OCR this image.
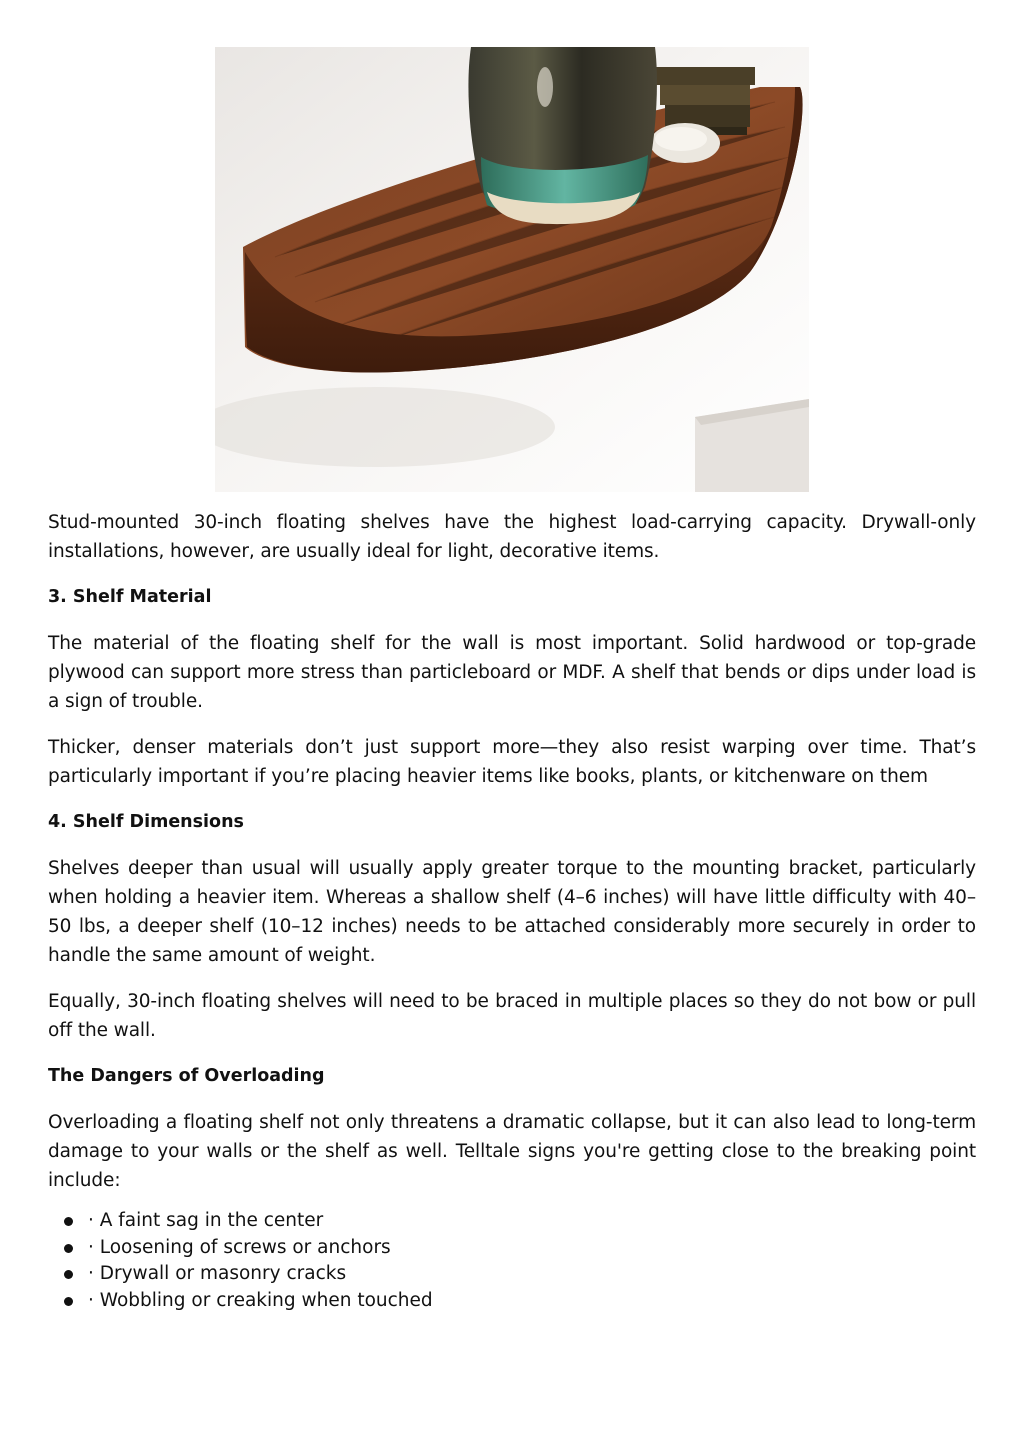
Stud-mounted 30-inch floating shelves have the highest load-carrying capacity. Drywall-only installations, however, are usually ideal for light, decorative items.

3. Shelf Material

The material of the floating shelf for the wall is most important. Solid hardwood or top-grade plywood can support more stress than particleboard or MDF. A shelf that bends or dips under load is a sign of trouble.

Thicker, denser materials don’t just support more—they also resist warping over time. That’s particularly important if you’re placing heavier items like books, plants, or kitchenware on them

4. Shelf Dimensions

Shelves deeper than usual will usually apply greater torque to the mounting bracket, particularly when holding a heavier item. Whereas a shallow shelf (4–6 inches) will have little difficulty with 40–50 lbs, a deeper shelf (10–12 inches) needs to be attached considerably more securely in order to handle the same amount of weight.

Equally, 30-inch floating shelves will need to be braced in multiple places so they do not bow or pull off the wall.

The Dangers of Overloading

Overloading a floating shelf not only threatens a dramatic collapse, but it can also lead to long-term damage to your walls or the shelf as well. Telltale signs you're getting close to the breaking point include:

· A faint sag in the center
· Loosening of screws or anchors
· Drywall or masonry cracks
· Wobbling or creaking when touched
